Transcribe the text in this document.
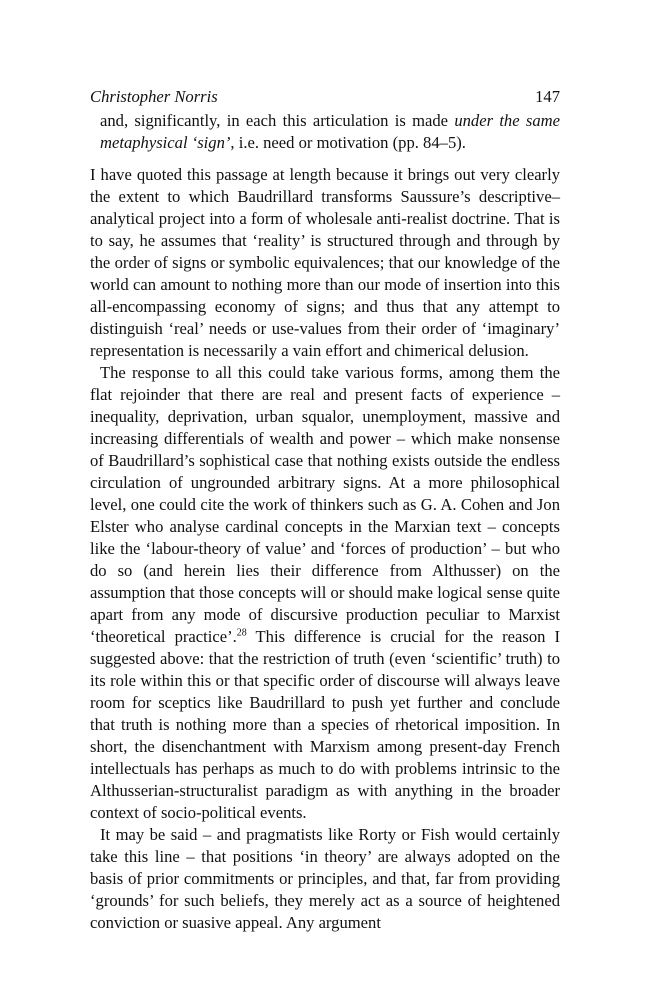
Christopher Norris	147

and, significantly, in each this articulation is made under the same metaphysical ‘sign’, i.e. need or motivation (pp. 84–5).

I have quoted this passage at length because it brings out very clearly the extent to which Baudrillard transforms Saussure’s descriptive–analytical project into a form of wholesale anti-realist doctrine. That is to say, he assumes that ‘reality’ is structured through and through by the order of signs or symbolic equivalences; that our knowledge of the world can amount to nothing more than our mode of insertion into this all-encompassing economy of signs; and thus that any attempt to distinguish ‘real’ needs or use-values from their order of ‘imaginary’ representation is necessarily a vain effort and chimerical delusion.

The response to all this could take various forms, among them the flat rejoinder that there are real and present facts of experience – inequality, deprivation, urban squalor, unemployment, massive and increasing differentials of wealth and power – which make nonsense of Baudrillard’s sophistical case that nothing exists outside the endless circulation of ungrounded arbitrary signs. At a more philosophical level, one could cite the work of thinkers such as G. A. Cohen and Jon Elster who analyse cardinal concepts in the Marxian text – concepts like the ‘labour-theory of value’ and ‘forces of production’ – but who do so (and herein lies their difference from Althusser) on the assumption that those concepts will or should make logical sense quite apart from any mode of discursive production peculiar to Marxist ‘theoretical practice’.$^{28}$ This difference is crucial for the reason I suggested above: that the restriction of truth (even ‘scientific’ truth) to its role within this or that specific order of discourse will always leave room for sceptics like Baudrillard to push yet further and conclude that truth is nothing more than a species of rhetorical imposition. In short, the disenchantment with Marxism among present-day French intellectuals has perhaps as much to do with problems intrinsic to the Althusserian-structuralist paradigm as with anything in the broader context of socio-political events.

It may be said – and pragmatists like Rorty or Fish would certainly take this line – that positions ‘in theory’ are always adopted on the basis of prior commitments or principles, and that, far from providing ‘grounds’ for such beliefs, they merely act as a source of heightened conviction or suasive appeal. Any argument
